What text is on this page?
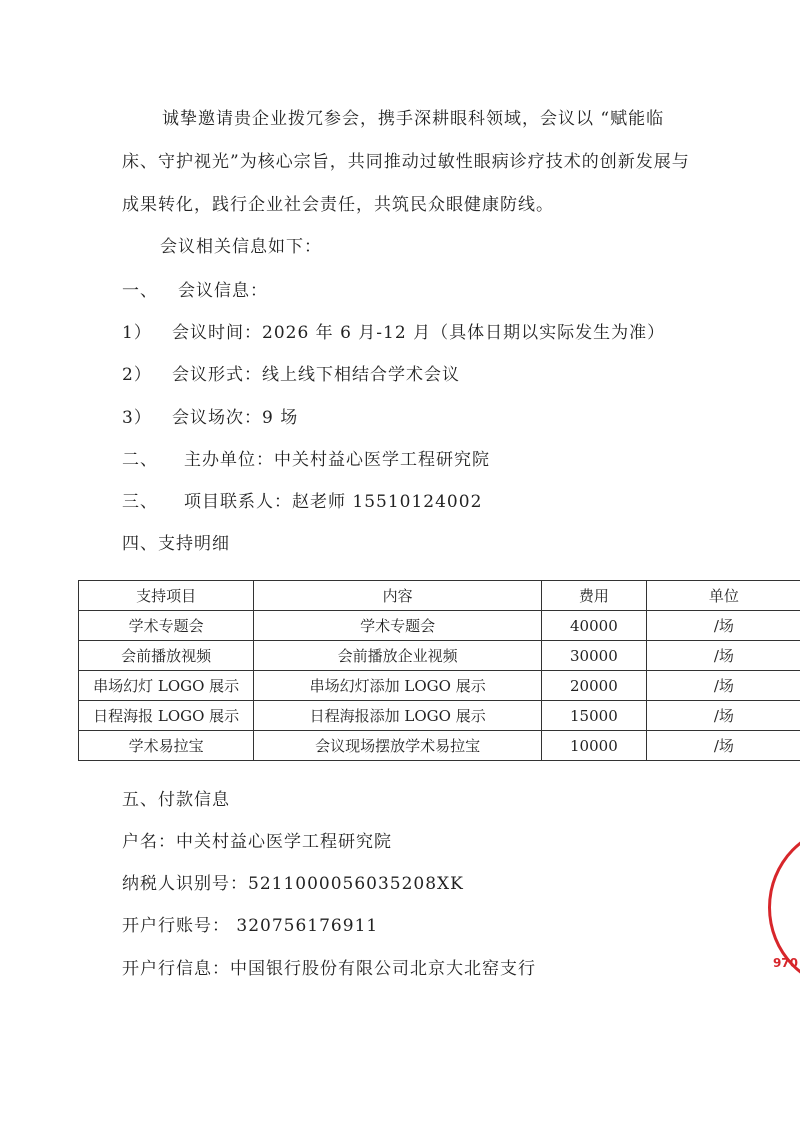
诚挚邀请贵企业拨冗参会，携手深耕眼科领域，会议以 “赋能临床、守护视光”为核心宗旨，共同推动过敏性眼病诊疗技术的创新发展与成果转化，践行企业社会责任，共筑民众眼健康防线。
会议相关信息如下：
一、 会议信息：
1） 会议时间：2026 年 6 月-12 月（具体日期以实际发生为准）
2） 会议形式：线上线下相结合学术会议
3） 会议场次：9 场
二、 主办单位：中关村益心医学工程研究院
三、 项目联系人：赵老师 15510124002
四、支持明细
支持项目	内容	费用	单位
学术专题会	学术专题会	40000	/场
会前播放视频	会前播放企业视频	30000	/场
串场幻灯 LOGO 展示	串场幻灯添加 LOGO 展示	20000	/场
日程海报 LOGO 展示	日程海报添加 LOGO 展示	15000	/场
学术易拉宝	会议现场摆放学术易拉宝	10000	/场
五、付款信息
户名：中关村益心医学工程研究院
纳税人识别号：5211000056035208XK
开户行账号： 320756176911
开户行信息：中国银行股份有限公司北京大北窑支行	970
